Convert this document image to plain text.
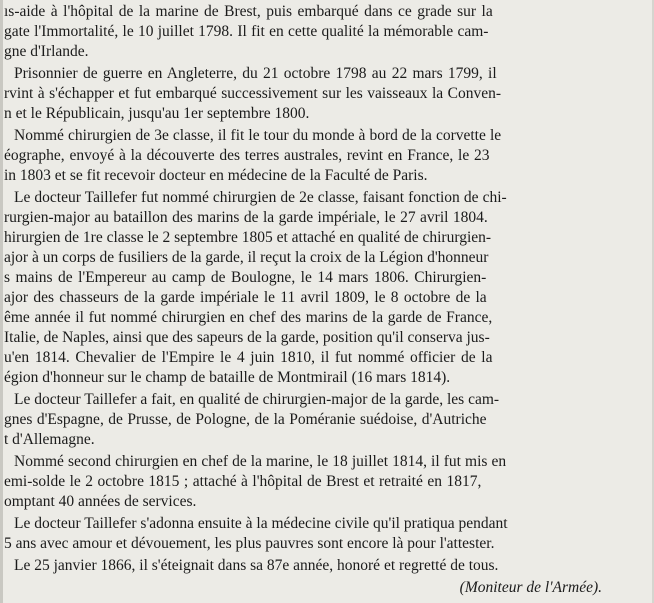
ıs-aide à l'hôpital de la marine de Brest, puis embarqué dans ce grade sur la
gate l'Immortalité, le 10 juillet 1798. Il fit en cette qualité la mémorable cam-
gne d'Irlande.
Prisonnier de guerre en Angleterre, du 21 octobre 1798 au 22 mars 1799, il
rvint à s'échapper et fut embarqué successivement sur les vaisseaux la Conven-
n et le Républicain, jusqu'au 1er septembre 1800.
Nommé chirurgien de 3e classe, il fit le tour du monde à bord de la corvette le
éographe, envoyé à la découverte des terres australes, revint en France, le 23
in 1803 et se fit recevoir docteur en médecine de la Faculté de Paris.
Le docteur Taillefer fut nommé chirurgien de 2e classe, faisant fonction de chi-
rurgien-major au bataillon des marins de la garde impériale, le 27 avril 1804.
hirurgien de 1re classe le 2 septembre 1805 et attaché en qualité de chirurgien-
ajor à un corps de fusiliers de la garde, il reçut la croix de la Légion d'honneur
s mains de l'Empereur au camp de Boulogne, le 14 mars 1806. Chirurgien-
ajor des chasseurs de la garde impériale le 11 avril 1809, le 8 octobre de la
ême année il fut nommé chirurgien en chef des marins de la garde de France,
Italie, de Naples, ainsi que des sapeurs de la garde, position qu'il conserva jus-
u'en 1814. Chevalier de l'Empire le 4 juin 1810, il fut nommé officier de la
égion d'honneur sur le champ de bataille de Montmirail (16 mars 1814).
Le docteur Taillefer a fait, en qualité de chirurgien-major de la garde, les cam-
gnes d'Espagne, de Prusse, de Pologne, de la Poméranie suédoise, d'Autriche
t d'Allemagne.
Nommé second chirurgien en chef de la marine, le 18 juillet 1814, il fut mis en
emi-solde le 2 octobre 1815 ; attaché à l'hôpital de Brest et retraité en 1817,
omptant 40 années de services.
Le docteur Taillefer s'adonna ensuite à la médecine civile qu'il pratiqua pendant
5 ans avec amour et dévouement, les plus pauvres sont encore là pour l'attester.
Le 25 janvier 1866, il s'éteignait dans sa 87e année, honoré et regretté de tous.
(Moniteur de l'Armée).
